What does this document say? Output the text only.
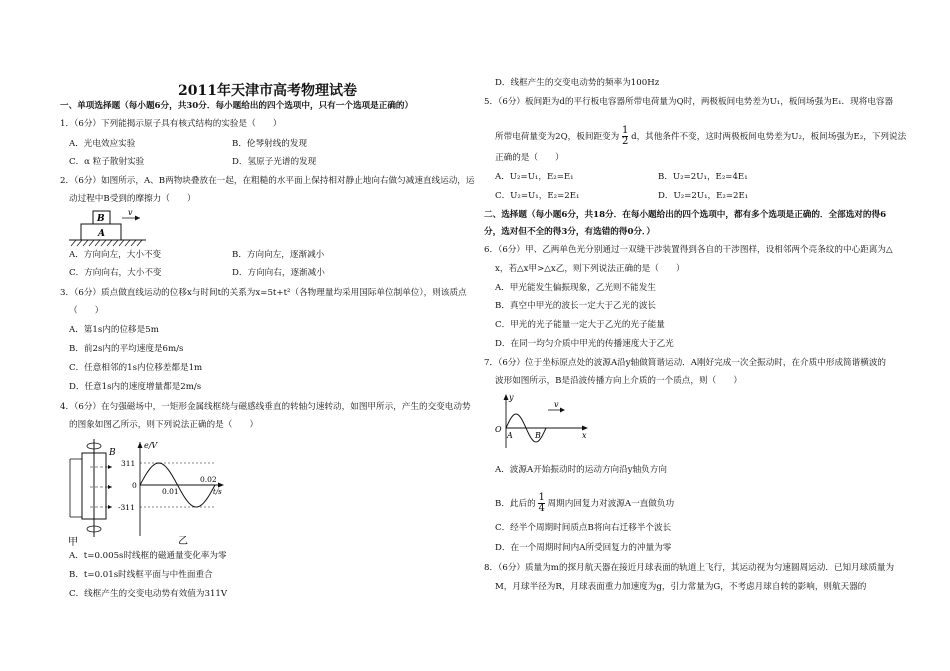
2011年天津市高考物理试卷
一、单项选择题（每小题6分，共30分．每小题给出的四个选项中，只有一个选项是正确的）
1．（6分）下列能揭示原子具有核式结构的实验是（　　）
A．光电效应实验	B．伦琴射线的发现
C．α 粒子散射实验	D．氢原子光谱的发现
2．（6分）如图所示，A、B两物块叠放在一起，在粗糙的水平面上保持相对静止地向右做匀减速直线运动，运
动过程中B受到的摩擦力（　　）
B
A
v
A．方向向左，大小不变	B．方向向左，逐渐减小
C．方向向右，大小不变	D．方向向右，逐渐减小
3．（6分）质点做直线运动的位移x与时间t的关系为x=5t+t²（各物理量均采用国际单位制单位），则该质点
（　　）
A．第1s内的位移是5m
B．前2s内的平均速度是6m/s
C．任意相邻的1s内位移差都是1m
D．任意1s内的速度增量都是2m/s
4．（6分）在匀强磁场中，一矩形金属线框绕与磁感线垂直的转轴匀速转动，如图甲所示，产生的交变电动势
的图象如图乙所示，则下列说法正确的是（　　）
B
甲
e/V
311
0
-311
0.01
0.02
t/s
乙
A．t=0.005s时线框的磁通量变化率为零
B．t=0.01s时线框平面与中性面重合
C．线框产生的交变电动势有效值为311V
D．线框产生的交变电动势的频率为100Hz
5．（6分）板间距为d的平行板电容器所带电荷量为Q时，两极板间电势差为U₁，板间场强为E₁．现将电容器
所带电荷量变为2Q，板间距变为 $\frac{1}{2}$ d，其他条件不变，这时两极板间电势差为U₂，板间场强为E₂，下列说法
正确的是（　　）
A．U₂=U₁，E₂=E₁	B．U₂=2U₁，E₂=4E₁
C．U₂=U₁，E₂=2E₁	D．U₂=2U₁，E₂=2E₁
二、选择题（每小题6分，共18分．在每小题给出的四个选项中，都有多个选项是正确的．全部选对的得6
分，选对但不全的得3分，有选错的得0分．）
6．（6分）甲、乙两单色光分别通过一双缝干涉装置得到各自的干涉图样，设相邻两个亮条纹的中心距离为△
x，若△x甲>△x乙，则下列说法正确的是（　　）
A．甲光能发生偏振现象，乙光则不能发生
B．真空中甲光的波长一定大于乙光的波长
C．甲光的光子能量一定大于乙光的光子能量
D．在同一均匀介质中甲光的传播速度大于乙光
7．（6分）位于坐标原点处的波源A沿y轴做简谐运动．A刚好完成一次全振动时，在介质中形成简谐横波的
波形如图所示，B是沿波传播方向上介质的一个质点，则（　　）
v
y
x
O
A	B
A．波源A开始振动时的运动方向沿y轴负方向
B．此后的 $\frac{1}{4}$ 周期内回复力对波源A一直做负功
C．经半个周期时间质点B将向右迁移半个波长
D．在一个周期时间内A所受回复力的冲量为零
8．（6分）质量为m的探月航天器在接近月球表面的轨道上飞行，其运动视为匀速圆周运动．已知月球质量为
M，月球半径为R，月球表面重力加速度为g，引力常量为G，不考虑月球自转的影响，则航天器的
